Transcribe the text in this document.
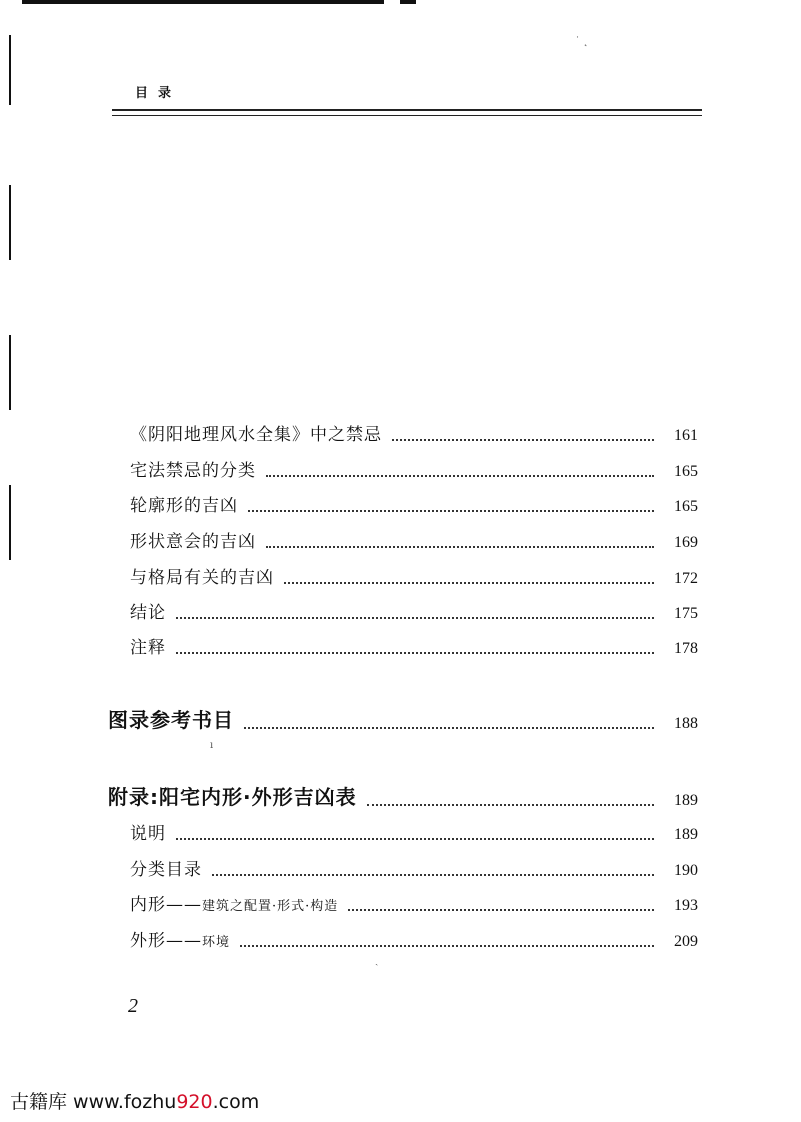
˙ ˛
ı
ˏ
目录
《阴阳地理风水全集》中之禁忌	161
宅法禁忌的分类	165
轮廓形的吉凶	165
形状意会的吉凶	169
与格局有关的吉凶	172
结论	175
注释	178
图录参考书目	188
附录:阳宅内形·外形吉凶表	189
说明	189
分类目录	190
内形——建筑之配置·形式·构造	193
外形——环境	209
2
古籍库 www.fozhu920.com
